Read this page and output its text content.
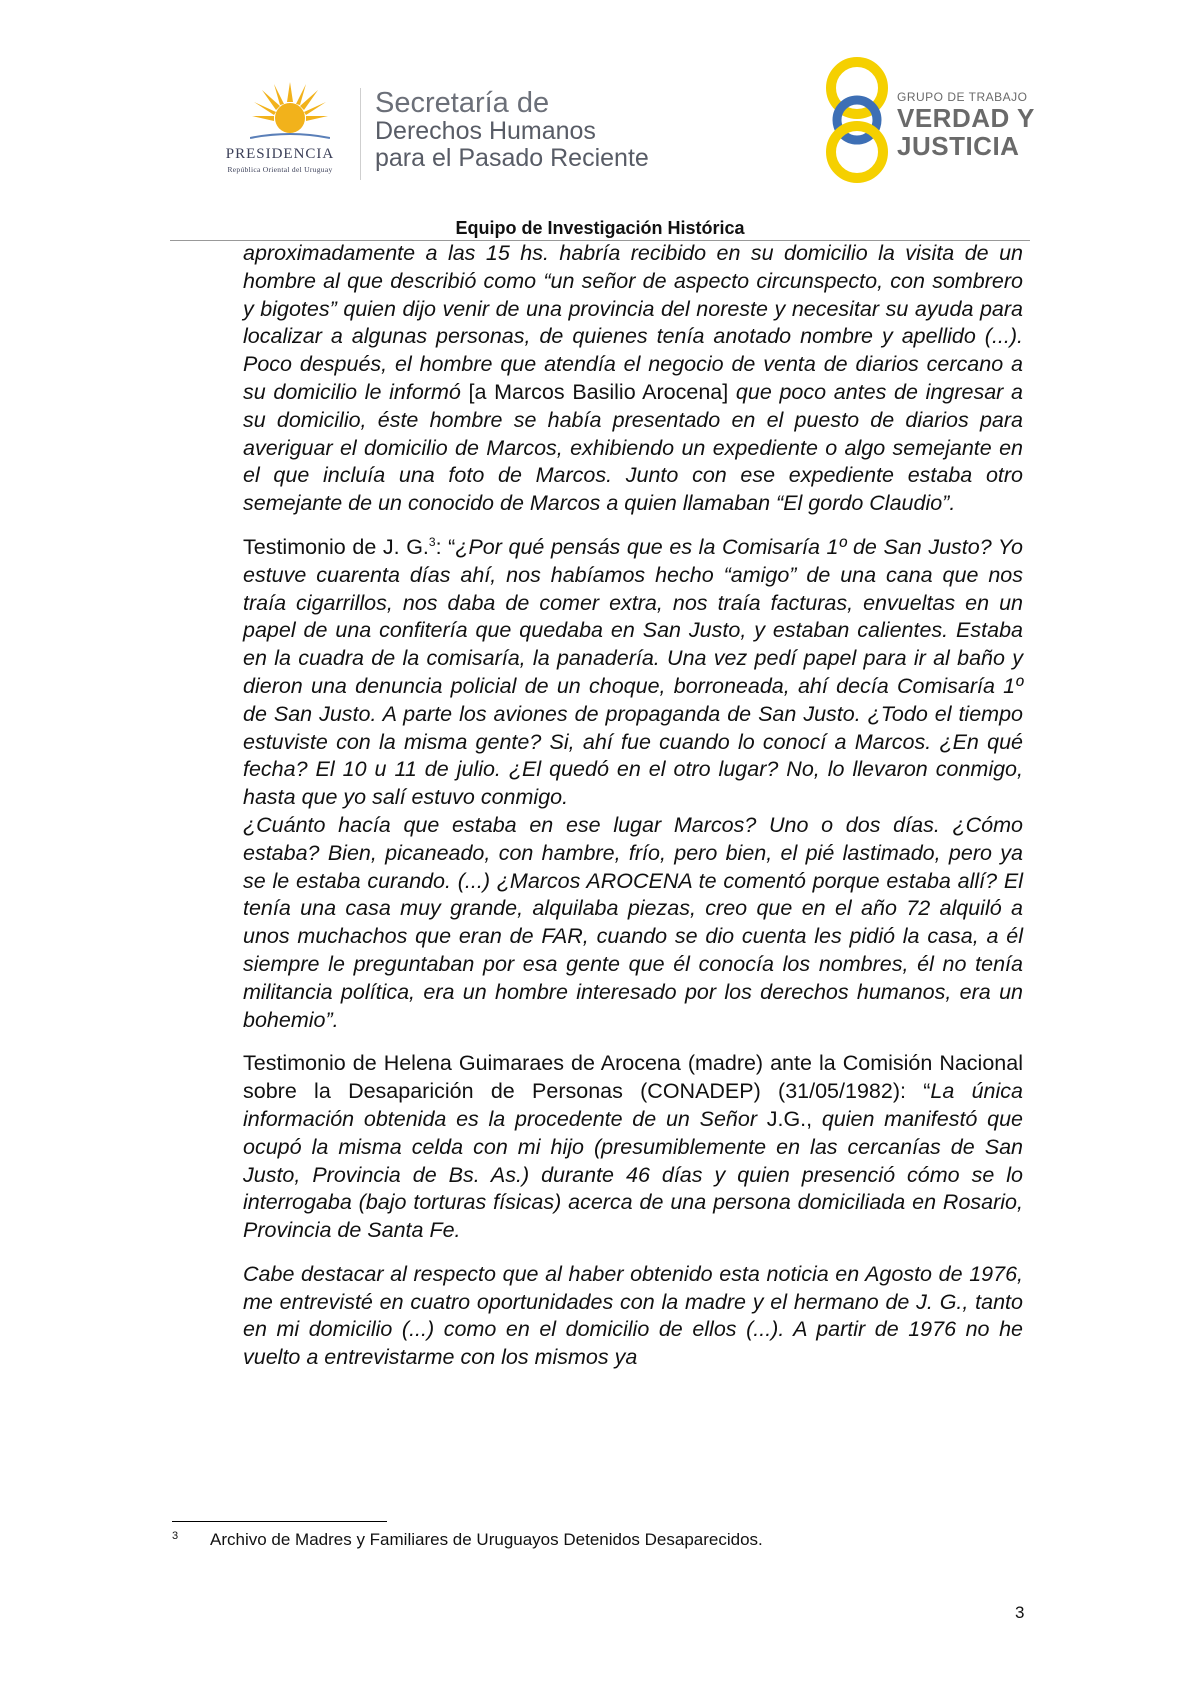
PRESIDENCIA
República Oriental del Uruguay
Secretaría de
Derechos Humanos
para el Pasado Reciente
GRUPO DE TRABAJO
VERDAD Y
JUSTICIA
Equipo de Investigación Histórica

aproximadamente a las 15 hs. habría recibido en su domicilio la visita de un hombre al que describió como “un señor de aspecto circunspecto, con sombrero y bigotes” quien dijo venir de una provincia del noreste y necesitar su ayuda para localizar a algunas personas, de quienes tenía anotado nombre y apellido (...). Poco después, el hombre que atendía el negocio de venta de diarios cercano a su domicilio le informó [a Marcos Basilio Arocena] que poco antes de ingresar a su domicilio, éste hombre se había presentado en el puesto de diarios para averiguar el domicilio de Marcos, exhibiendo un expediente o algo semejante en el que incluía una foto de Marcos. Junto con ese expediente estaba otro semejante de un conocido de Marcos a quien llamaban “El gordo Claudio”.

Testimonio de J. G.$^3$: “¿Por qué pensás que es la Comisaría 1º de San Justo? Yo estuve cuarenta días ahí, nos habíamos hecho “amigo” de una cana que nos traía cigarrillos, nos daba de comer extra, nos traía facturas, envueltas en un papel de una confitería que quedaba en San Justo, y estaban calientes. Estaba en la cuadra de la comisaría, la panadería. Una vez pedí papel para ir al baño y dieron una denuncia policial de un choque, borroneada, ahí decía Comisaría 1º de San Justo. A parte los aviones de propaganda de San Justo. ¿Todo el tiempo estuviste con la misma gente? Si, ahí fue cuando lo conocí a Marcos. ¿En qué fecha? El 10 u 11 de julio. ¿El quedó en el otro lugar? No, lo llevaron conmigo, hasta que yo salí estuvo conmigo.

¿Cuánto hacía que estaba en ese lugar Marcos? Uno o dos días. ¿Cómo estaba? Bien, picaneado, con hambre, frío, pero bien, el pié lastimado, pero ya se le estaba curando. (...) ¿Marcos AROCENA te comentó porque estaba allí? El tenía una casa muy grande, alquilaba piezas, creo que en el año 72 alquiló a unos muchachos que eran de FAR, cuando se dio cuenta les pidió la casa, a él siempre le preguntaban por esa gente que él conocía los nombres, él no tenía militancia política, era un hombre interesado por los derechos humanos, era un bohemio”.

Testimonio de Helena Guimaraes de Arocena (madre) ante la Comisión Nacional sobre la Desaparición de Personas (CONADEP) (31/05/1982): “La única información obtenida es la procedente de un Señor J.G., quien manifestó que ocupó la misma celda con mi hijo (presumiblemente en las cercanías de San Justo, Provincia de Bs. As.) durante 46 días y quien presenció cómo se lo interrogaba (bajo torturas físicas) acerca de una persona domiciliada en Rosario, Provincia de Santa Fe.

Cabe destacar al respecto que al haber obtenido esta noticia en Agosto de 1976, me entrevisté en cuatro oportunidades con la madre y el hermano de J. G., tanto en mi domicilio (...) como en el domicilio de ellos (...). A partir de 1976 no he vuelto a entrevistarme con los mismos ya

3 Archivo de Madres y Familiares de Uruguayos Detenidos Desaparecidos.
3
